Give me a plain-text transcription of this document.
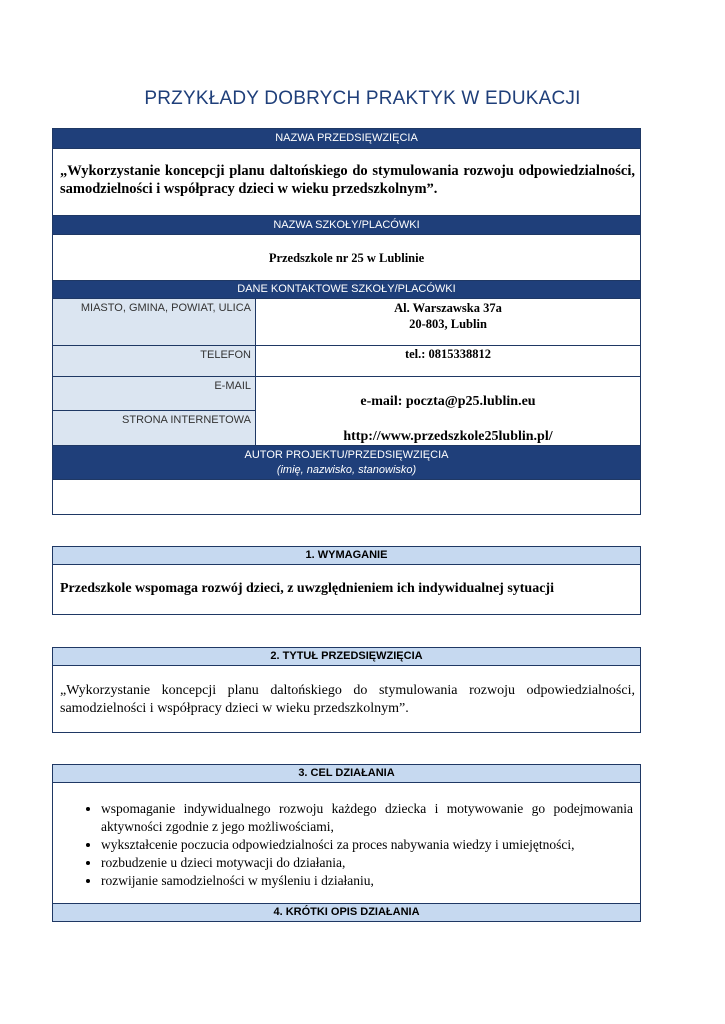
PRZYKŁADY DOBRYCH PRAKTYK W EDUKACJI
NAZWA PRZEDSIĘWZIĘCIA
„Wykorzystanie koncepcji planu daltońskiego do stymulowania rozwoju odpowiedzialności, samodzielności i współpracy dzieci w wieku przedszkolnym”.
NAZWA SZKOŁY/PLACÓWKI
Przedszkole nr 25 w Lublinie
DANE KONTAKTOWE SZKOŁY/PLACÓWKI
MIASTO, GMINA, POWIAT, ULICA	Al. Warszawska 37a
20-803, Lublin
TELEFON	tel.: 0815338812
E-MAIL
STRONA INTERNETOWA
e-mail: poczta@p25.lublin.eu
http://www.przedszkole25lublin.pl/
AUTOR PROJEKTU/PRZEDSIĘWZIĘCIA
(imię, nazwisko, stanowisko)
1. WYMAGANIE
Przedszkole wspomaga rozwój dzieci, z uwzględnieniem ich indywidualnej sytuacji
2. TYTUŁ PRZEDSIĘWZIĘCIA
„Wykorzystanie koncepcji planu daltońskiego do stymulowania rozwoju odpowiedzialności, samodzielności i współpracy dzieci w wieku przedszkolnym”.
3. CEL DZIAŁANIA
• wspomaganie indywidualnego rozwoju każdego dziecka i motywowanie go podejmowania aktywności zgodnie z jego możliwościami,
• wykształcenie poczucia odpowiedzialności za proces nabywania wiedzy i umiejętności,
• rozbudzenie u dzieci motywacji do działania,
• rozwijanie samodzielności w myśleniu i działaniu,
4. KRÓTKI OPIS DZIAŁANIA
